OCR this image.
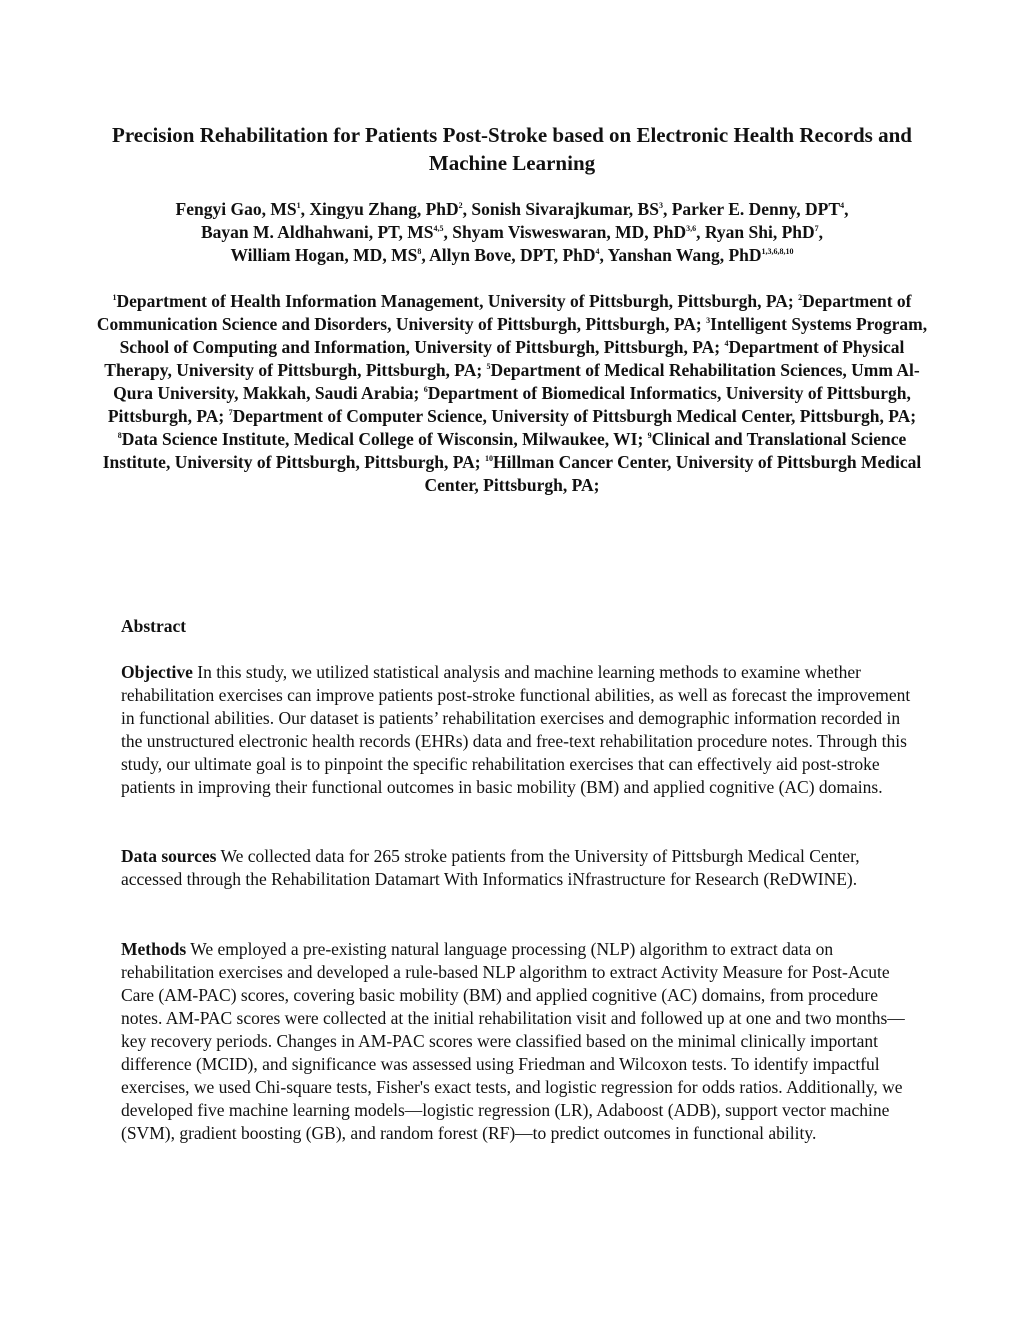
Precision Rehabilitation for Patients Post-Stroke based on Electronic Health Records and Machine Learning
Fengyi Gao, $MS^1$, Xingyu Zhang, PhD$^2$, Sonish Sivarajkumar, $BS^3$, Parker E. Denny, DPT$^4$,
Bayan M. Aldhahwani, PT, MS$^{4,5}$, Shyam Visweswaran, MD, PhD$^{3,6}$, Ryan Shi, PhD$^7$,
William Hogan, MD, $MS^8$, Allyn Bove, DPT, PhD$^4$, Yanshan Wang, PhD$^{1,3,6,8,10}$
$^1$Department of Health Information Management, University of Pittsburgh, Pittsburgh, PA; $^2$Department of Communication Science and Disorders, University of Pittsburgh, Pittsburgh, PA; $^3$Intelligent Systems Program, School of Computing and Information, University of Pittsburgh, Pittsburgh, PA; $^4$Department of Physical Therapy, University of Pittsburgh, Pittsburgh, PA; $^5$Department of Medical Rehabilitation Sciences, Umm Al-Qura University, Makkah, Saudi Arabia; $^6$Department of Biomedical Informatics, University of Pittsburgh, Pittsburgh, PA; $^7$Department of Computer Science, University of Pittsburgh Medical Center, Pittsburgh, PA; $^8$Data Science Institute, Medical College of Wisconsin, Milwaukee, WI; $^9$Clinical and Translational Science Institute, University of Pittsburgh, Pittsburgh, PA; $^{10}$Hillman Cancer Center, University of Pittsburgh Medical Center, Pittsburgh, PA;
Abstract

Objective In this study, we utilized statistical analysis and machine learning methods to examine whether rehabilitation exercises can improve patients post-stroke functional abilities, as well as forecast the improvement in functional abilities. Our dataset is patients’ rehabilitation exercises and demographic information recorded in the unstructured electronic health records (EHRs) data and free-text rehabilitation procedure notes. Through this study, our ultimate goal is to pinpoint the specific rehabilitation exercises that can effectively aid post-stroke patients in improving their functional outcomes in basic mobility (BM) and applied cognitive (AC) domains.

Data sources We collected data for 265 stroke patients from the University of Pittsburgh Medical Center, accessed through the Rehabilitation Datamart With Informatics iNfrastructure for Research (ReDWINE).

Methods We employed a pre-existing natural language processing (NLP) algorithm to extract data on rehabilitation exercises and developed a rule-based NLP algorithm to extract Activity Measure for Post-Acute Care (AM-PAC) scores, covering basic mobility (BM) and applied cognitive (AC) domains, from procedure notes. AM-PAC scores were collected at the initial rehabilitation visit and followed up at one and two months—key recovery periods. Changes in AM-PAC scores were classified based on the minimal clinically important difference (MCID), and significance was assessed using Friedman and Wilcoxon tests. To identify impactful exercises, we used Chi-square tests, Fisher's exact tests, and logistic regression for odds ratios. Additionally, we developed five machine learning models—logistic regression (LR), Adaboost (ADB), support vector machine (SVM), gradient boosting (GB), and random forest (RF)—to predict outcomes in functional ability.
